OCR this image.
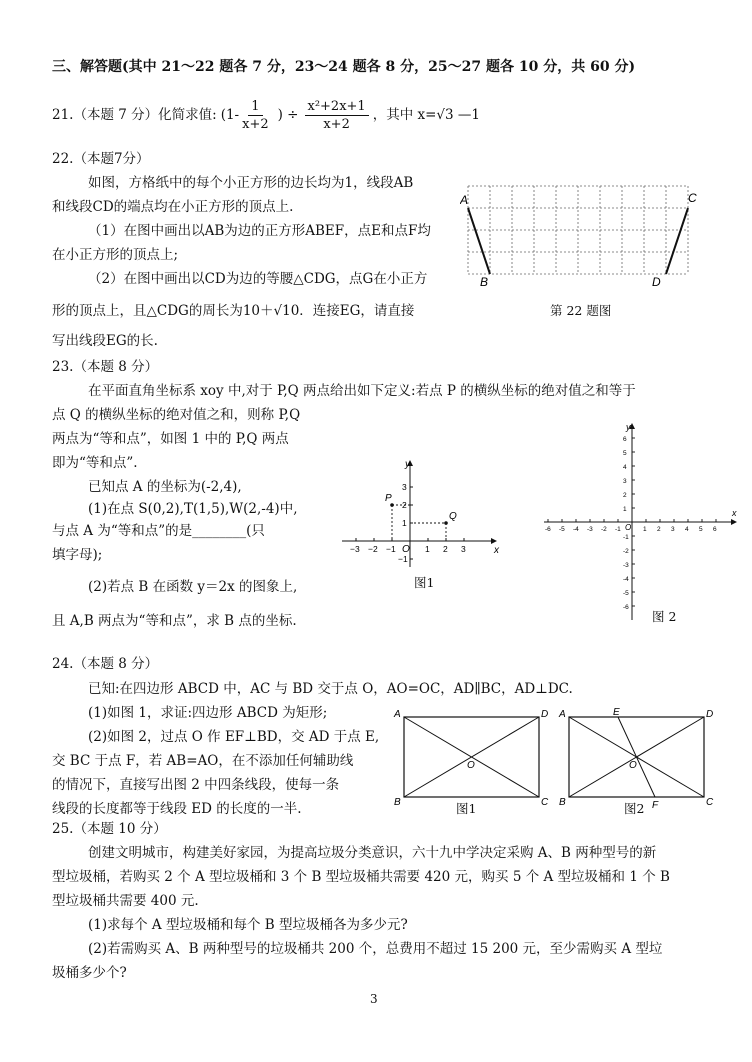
三、解答题(其中 21～22 题各 7 分，23～24 题各 8 分，25～27 题各 10 分，共 60 分)
21.（本题 7 分）化简求值: ($1- \frac{1}{x+2}$ ) ÷ $\frac{\text{x²+2x+1}}{x+2}$ ，其中 x=√3 —1
22.（本题7分）
如图，方格纸中的每个小正方形的边长均为1，线段AB
和线段CD的端点均在小正方形的顶点上.
（1）在图中画出以AB为边的正方形ABEF，点E和点F均
在小正方形的顶点上;
（2）在图中画出以CD为边的等腰△CDG，点G在小正方
形的顶点上，且△CDG的周长为10＋√10．连接EG，请直接
写出线段EG的长.
A
B
C
D
第 22 题图
23.（本题 8 分）
在平面直角坐标系 xoy 中,对于 P,Q 两点给出如下定义:若点 P 的横纵坐标的绝对值之和等于
点 Q 的横纵坐标的绝对值之和，则称 P,Q
两点为“等和点”，如图 1 中的 P,Q 两点
即为“等和点”.
已知点 A 的坐标为(-2,4),
(1)在点 S(0,2),T(1,5),W(2,-4)中,
与点 A 为“等和点”的是________(只
填字母);
(2)若点 B 在函数 y＝2x 的图象上,
且 A,B 两点为“等和点”，求 B 点的坐标.
y
x
O
P
Q
−3 −2 −1	1 2 3
3
2
1
−1
图1
-6 -5 -4 -3 -2 -1	1 2 3 4 5 6
6
5
4
3
2
1
-1
-2
-3
-4
-5
-6
y
x
O
图 2
24.（本题 8 分）
已知:在四边形 ABCD 中，AC 与 BD 交于点 O，AO=OC，AD∥BC，AD⊥DC.
(1)如图 1，求证:四边形 ABCD 为矩形;
(2)如图 2，过点 O 作 EF⊥BD，交 AD 于点 E,
交 BC 于点 F，若 AB=AO，在不添加任何辅助线
的情况下，直接写出图 2 中四条线段，使每一条
线段的长度都等于线段 ED 的长度的一半.
A	D
B	C
O
图1
A	D
B	C
O
E
F
图2
25.（本题 10 分）
创建文明城市，构建美好家园，为提高垃圾分类意识，六十九中学决定采购 A、B 两种型号的新
型垃圾桶，若购买 2 个 A 型垃圾桶和 3 个 B 型垃圾桶共需要 420 元，购买 5 个 A 型垃圾桶和 1 个 B
型垃圾桶共需要 400 元.
(1)求每个 A 型垃圾桶和每个 B 型垃圾桶各为多少元?
(2)若需购买 A、B 两种型号的垃圾桶共 200 个，总费用不超过 15 200 元，至少需购买 A 型垃
圾桶多少个?
3
